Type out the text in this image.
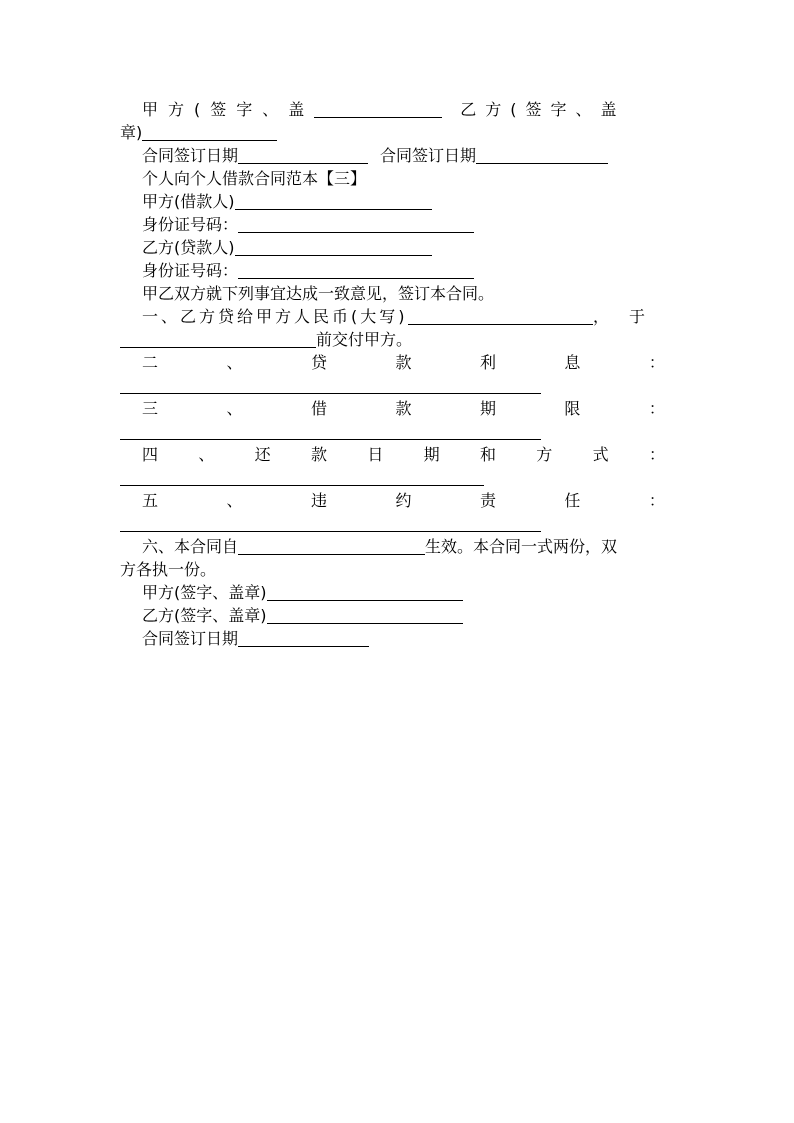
甲方(签字、盖	乙方(签字、盖
章)
合同签订日期	合同签订日期
个人向个人借款合同范本【三】
甲方(借款人)
身份证号码：
乙方(贷款人)
身份证号码：
甲乙双方就下列事宜达成一致意见，签订本合同。
一、乙方贷给甲方人民币(大写)	，于
前交付甲方。
二	、	贷	款	利	息	：
三	、	借	款	期	限	：
四	、	还	款	日	期	和	方	式	：
五	、	违	约	责	任	：
六、本合同自	生效。本合同一式两份，双
方各执一份。
甲方(签字、盖章)
乙方(签字、盖章)
合同签订日期
